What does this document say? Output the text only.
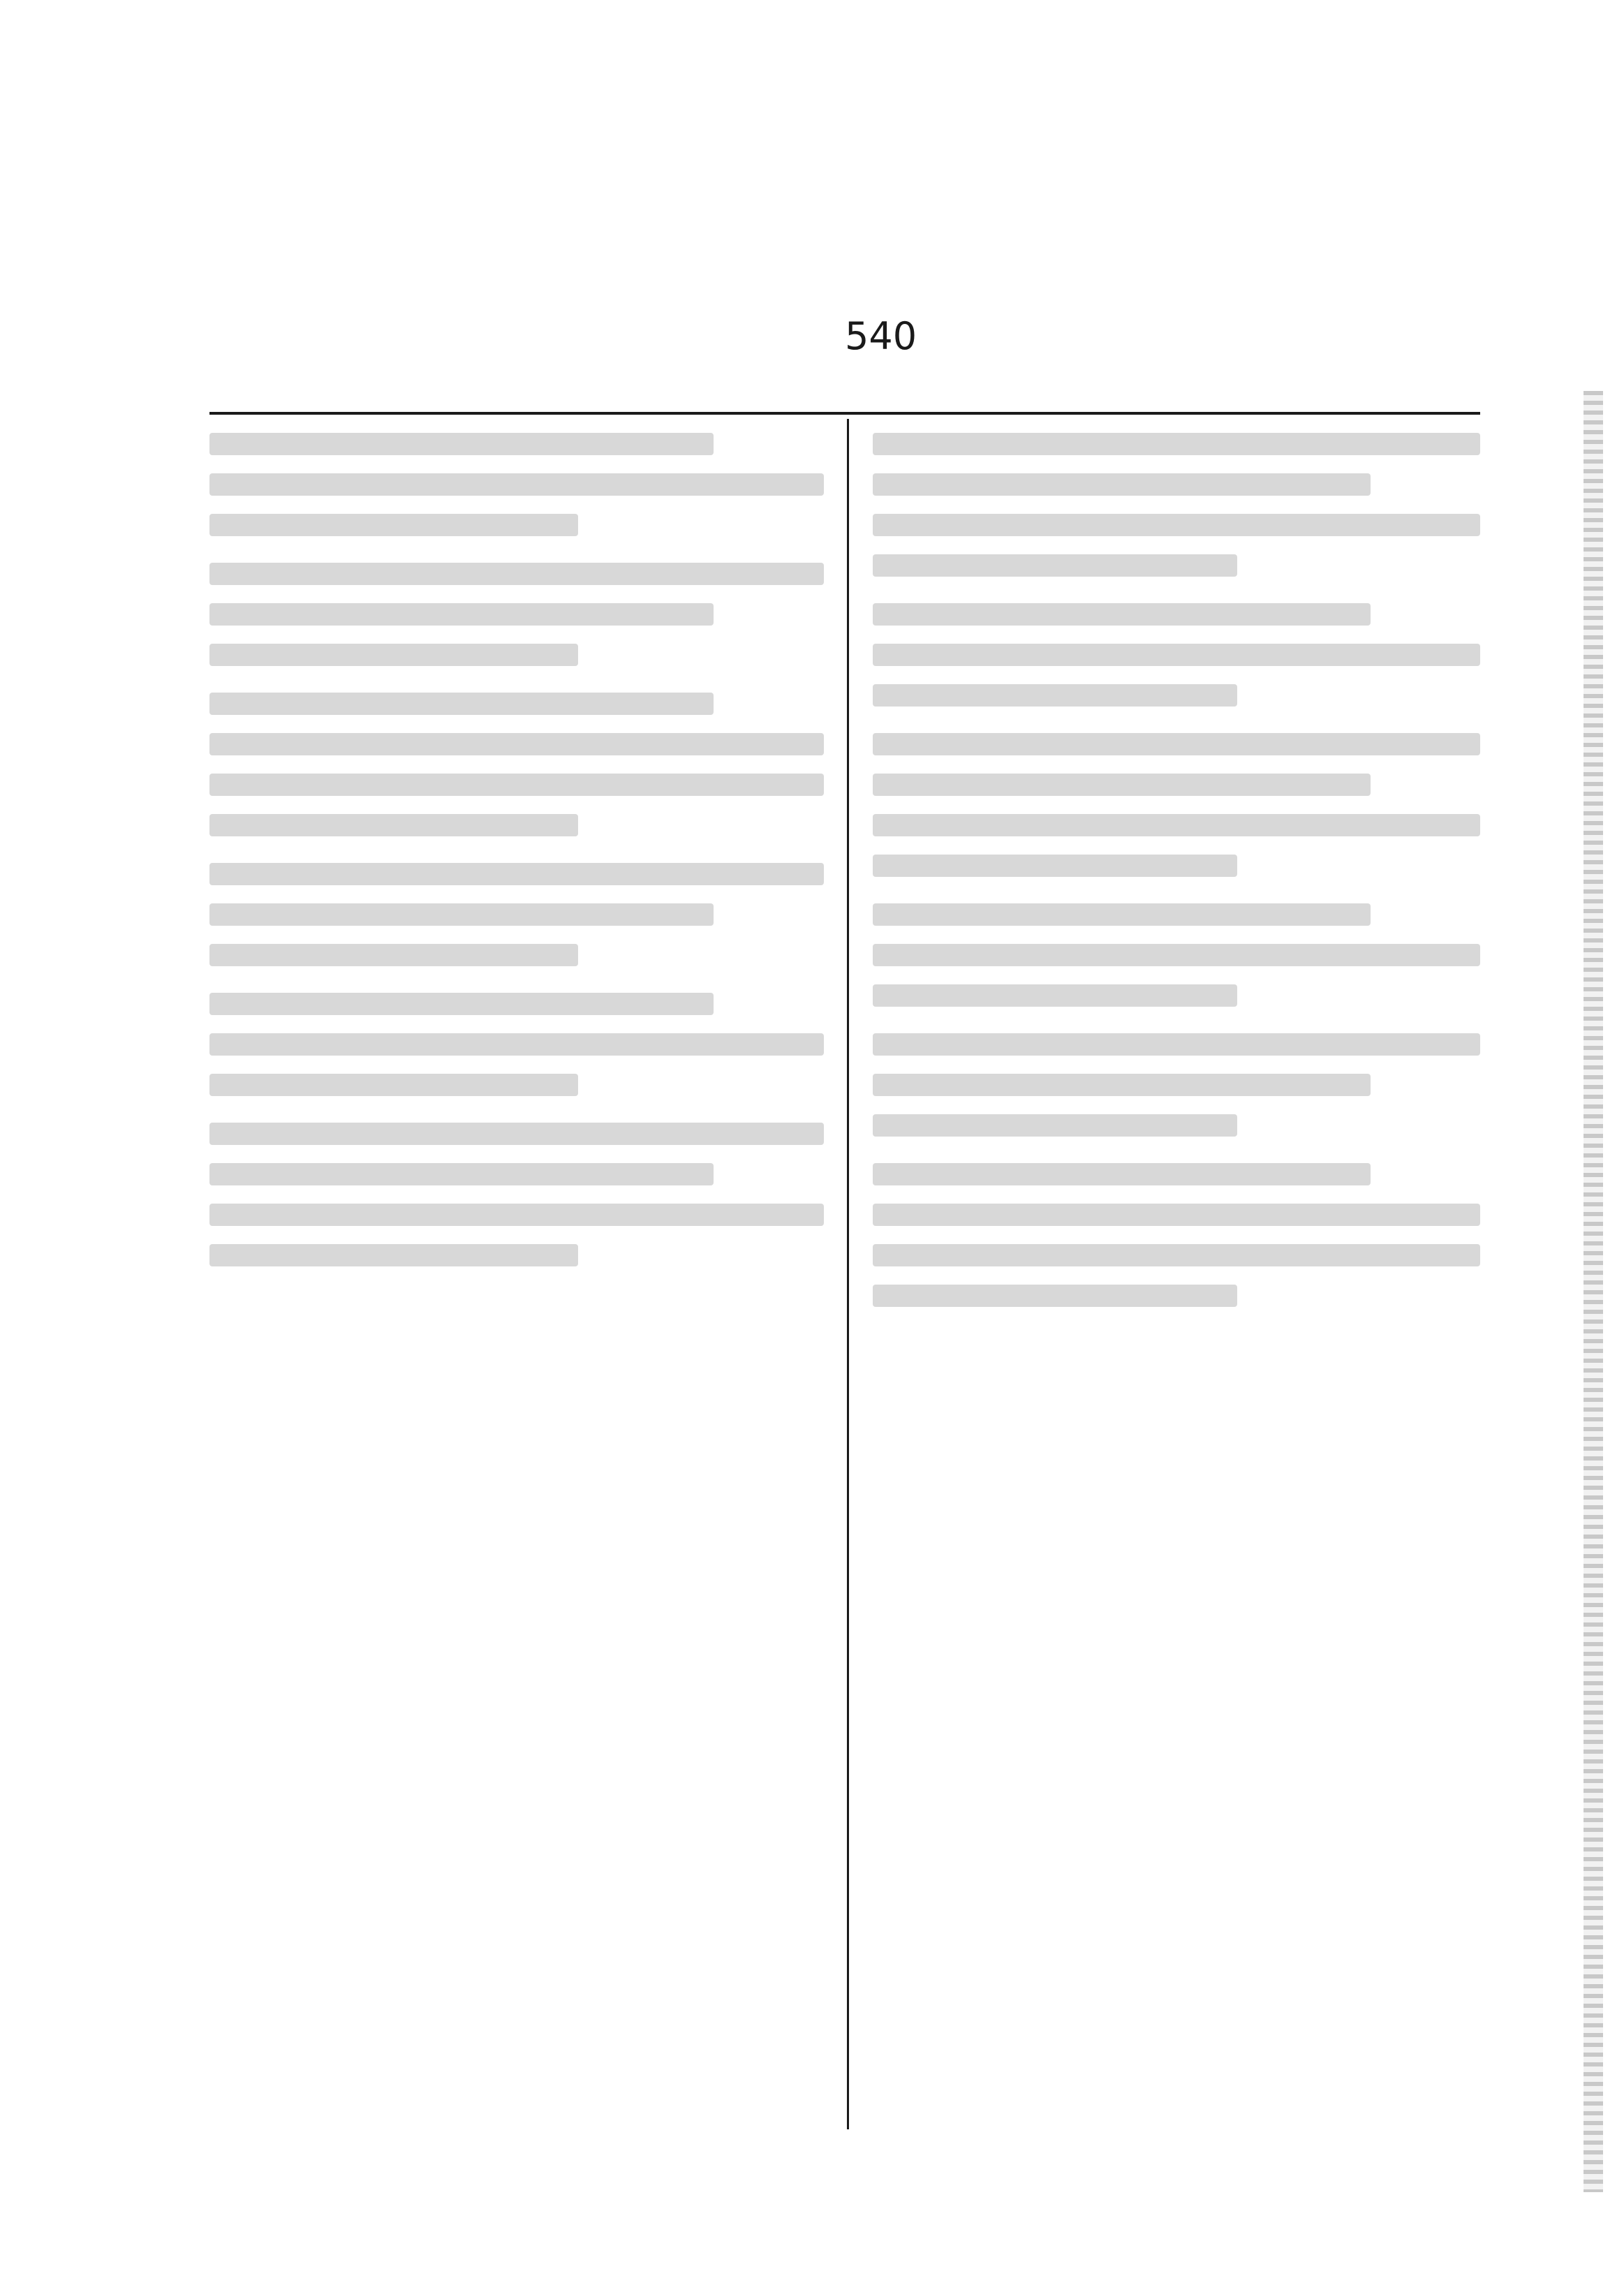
540
